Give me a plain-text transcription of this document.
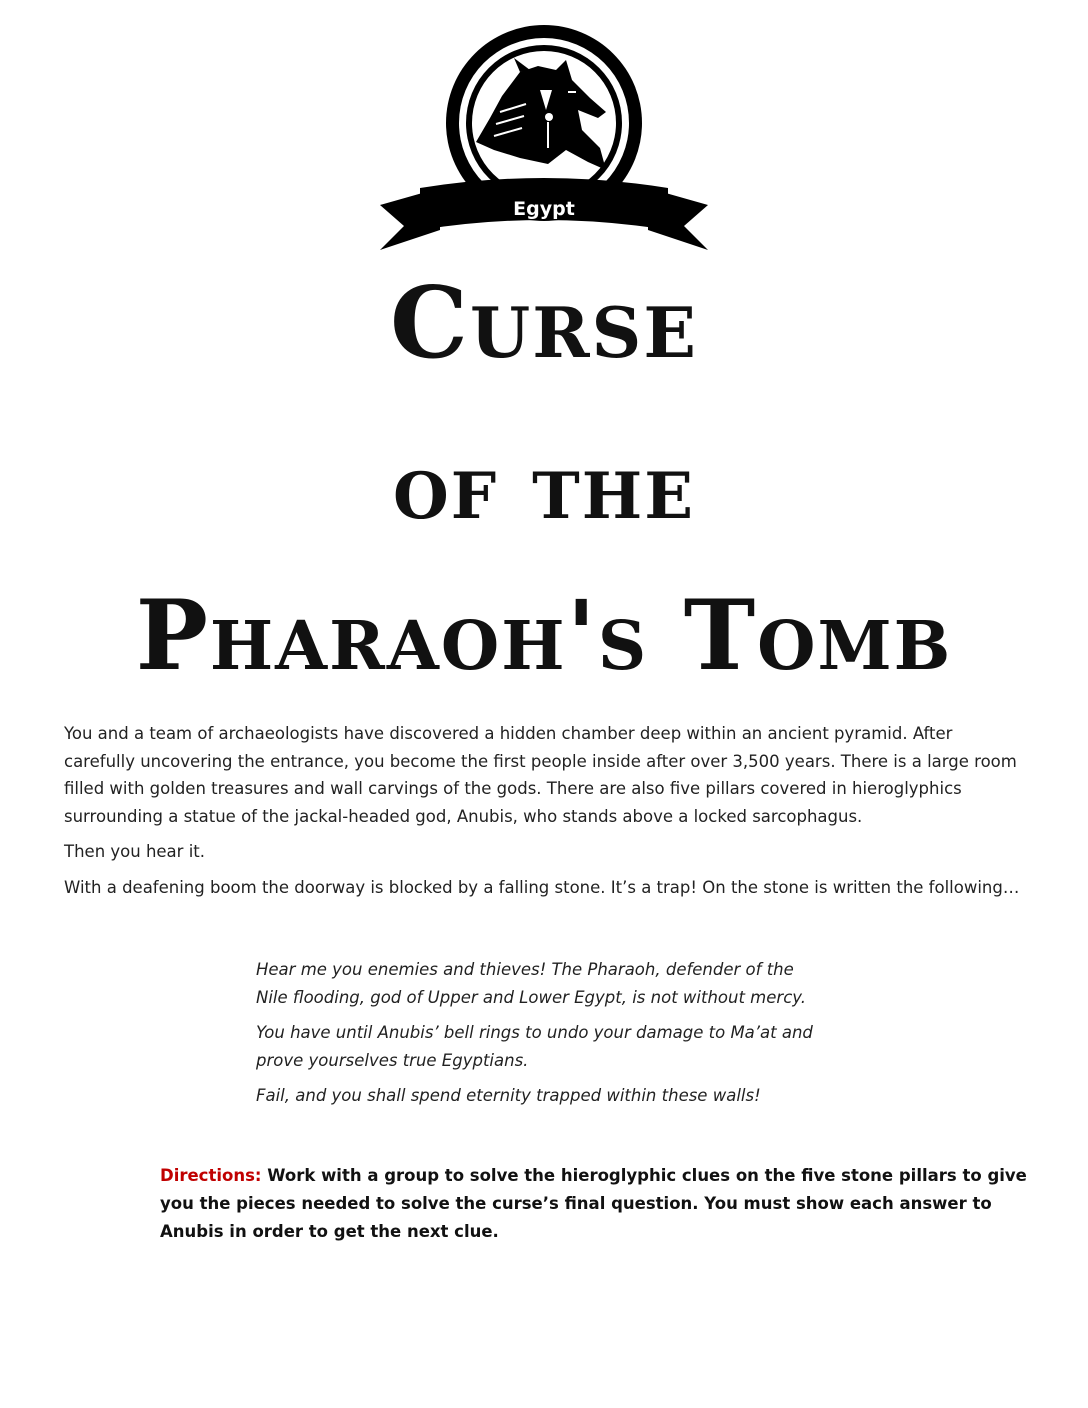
Egypt
Curse
of the
Pharaoh's Tomb

You and a team of archaeologists have discovered a hidden chamber deep within an ancient pyramid. After carefully uncovering the entrance, you become the first people inside after over 3,500 years. There is a large room filled with golden treasures and wall carvings of the gods. There are also five pillars covered in hieroglyphics surrounding a statue of the jackal-headed god, Anubis, who stands above a locked sarcophagus.

Then you hear it.

With a deafening boom the doorway is blocked by a falling stone. It’s a trap! On the stone is written the following…

Hear me you enemies and thieves! The Pharaoh, defender of the Nile flooding, god of Upper and Lower Egypt, is not without mercy.

You have until Anubis’ bell rings to undo your damage to Ma’at and prove yourselves true Egyptians.

Fail, and you shall spend eternity trapped within these walls!

Directions: Work with a group to solve the hieroglyphic clues on the five stone pillars to give you the pieces needed to solve the curse’s final question. You must show each answer to Anubis in order to get the next clue.
